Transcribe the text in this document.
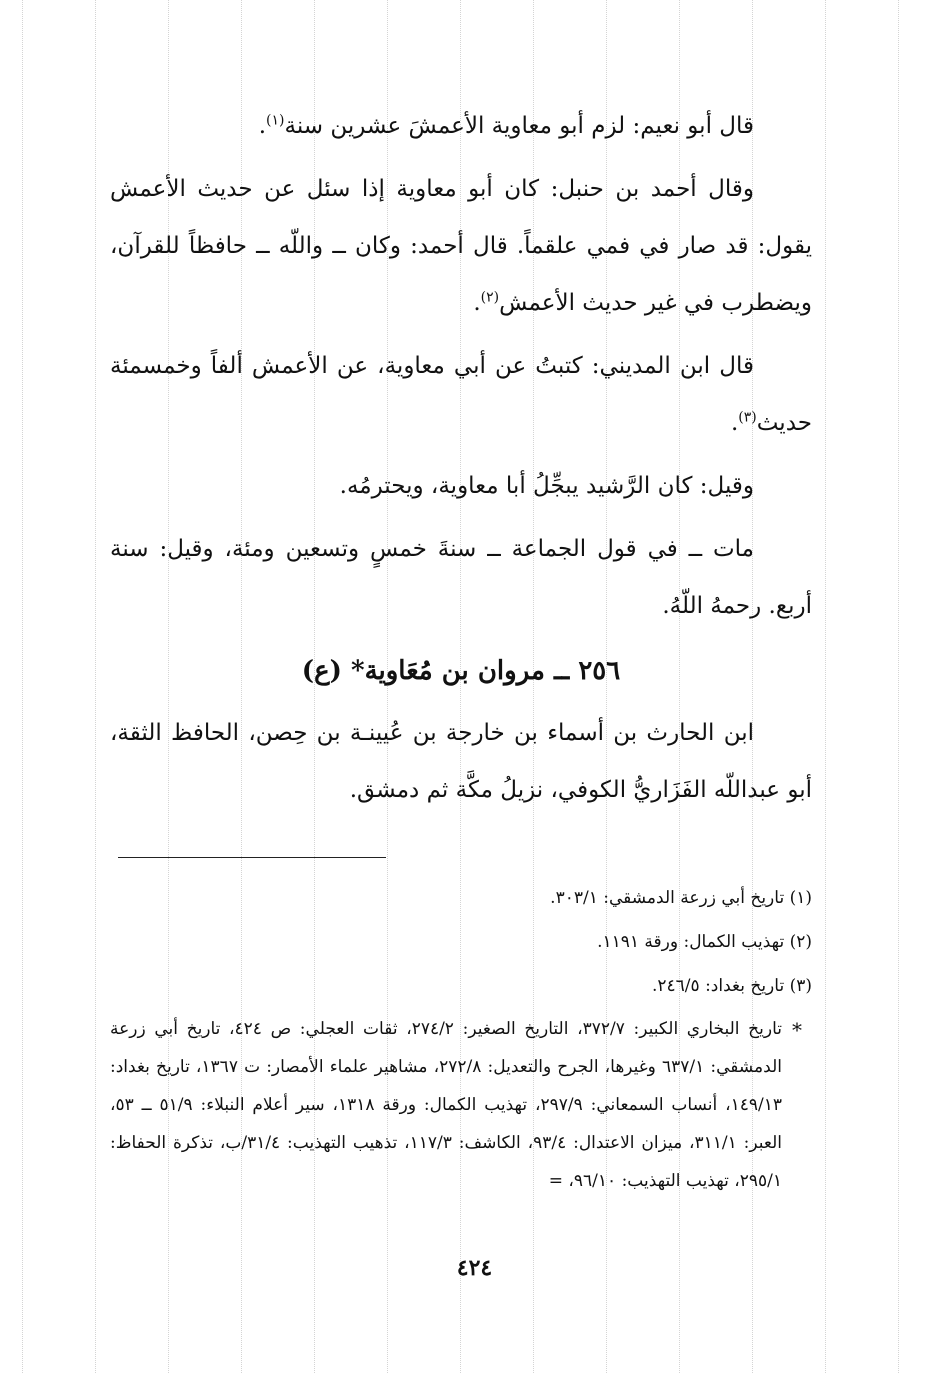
قال أبو نعيم: لزم أبو معاوية الأعمشَ عشرين سنة$^{(١)}$.

وقال أحمد بن حنبل: كان أبو معاوية إذا سئل عن حديث الأعمش يقول: قد صار في فمي علقماً. قال أحمد: وكان ــ واللّه ــ حافظاً للقرآن، ويضطرب في غير حديث الأعمش$^{(٢)}$.

قال ابن المديني: كتبتُ عن أبي معاوية، عن الأعمش ألفاً وخمسمئة حديث$^{(٣)}$.

وقيل: كان الرَّشيد يبجِّلُ أبا معاوية، ويحترمُه.

مات ــ في قول الجماعة ــ سنةَ خمسٍ وتسعين ومئة، وقيل: سنة أربع. رحمهُ اللّهُ.

٢٥٦ ــ مروان بن مُعَاوية* (ع)

ابن الحارث بن أسماء بن خارجة بن عُيينـة بن حِصن، الحافظ الثقة، أبو عبداللّه الفَزَاريُّ الكوفي، نزيلُ مكَّة ثم دمشق.

(١) تاريخ أبي زرعة الدمشقي: ٣٠٣/١.
(٢) تهذيب الكمال: ورقة ١١٩١.
(٣) تاريخ بغداد: ٢٤٦/٥.
*
تاريخ البخاري الكبير: ٣٧٢/٧، التاريخ الصغير: ٢٧٤/٢، ثقات العجلي: ص ٤٢٤، تاريخ أبي زرعة الدمشقي: ٦٣٧/١ وغيرها، الجرح والتعديل: ٢٧٢/٨، مشاهير علماء الأمصار: ت ١٣٦٧، تاريخ بغداد: ١٤٩/١٣، أنساب السمعاني: ٢٩٧/٩، تهذيب الكمال: ورقة ١٣١٨، سير أعلام النبلاء: ٥١/٩ ــ ٥٣، العبر: ٣١١/١، ميزان الاعتدال: ٩٣/٤، الكاشف: ١١٧/٣، تذهيب التهذيب: ٣١/٤/ب، تذكرة الحفاظ: ٢٩٥/١، تهذيب التهذيب: ٩٦/١٠، =
٤٢٤
